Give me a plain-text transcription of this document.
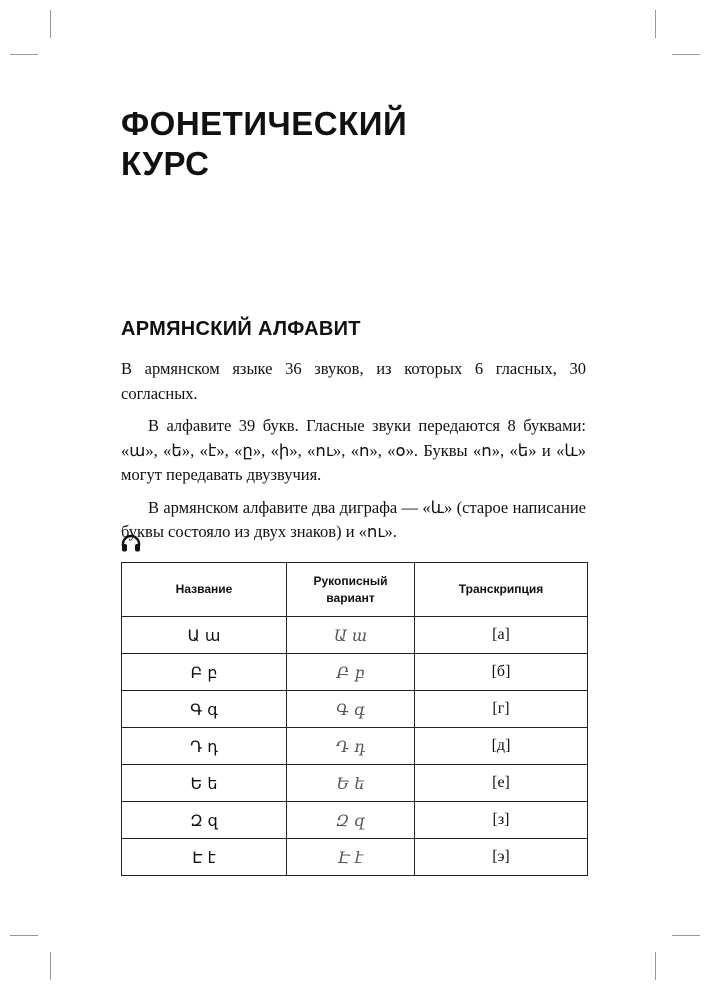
ФОНЕТИЧЕСКИЙ
КУРС
АРМЯНСКИЙ АЛФАВИТ

В армянском языке 36 звуков, из которых 6 гласных, 30 согласных.

В алфавите 39 букв. Гласные звуки передаются 8 буквами: «ա», «ե», «է», «ը», «ի», «ու», «ո», «օ». Буквы «ո», «ե» и «և» могут передавать двузвучия.

В армянском алфавите два диграфа — «և» (старое написание буквы состояло из двух знаков) и «ու».

Название	Рукописный вариант	Транскрипция
Ա ա	Ա ա	[а]
Բ բ	Բ բ	[б]
Գ գ	Գ գ	[г]
Դ դ	Դ դ	[д]
Ե ե	Ե ե	[е]
Զ զ	Զ զ	[з]
Է է	Է է	[э]
